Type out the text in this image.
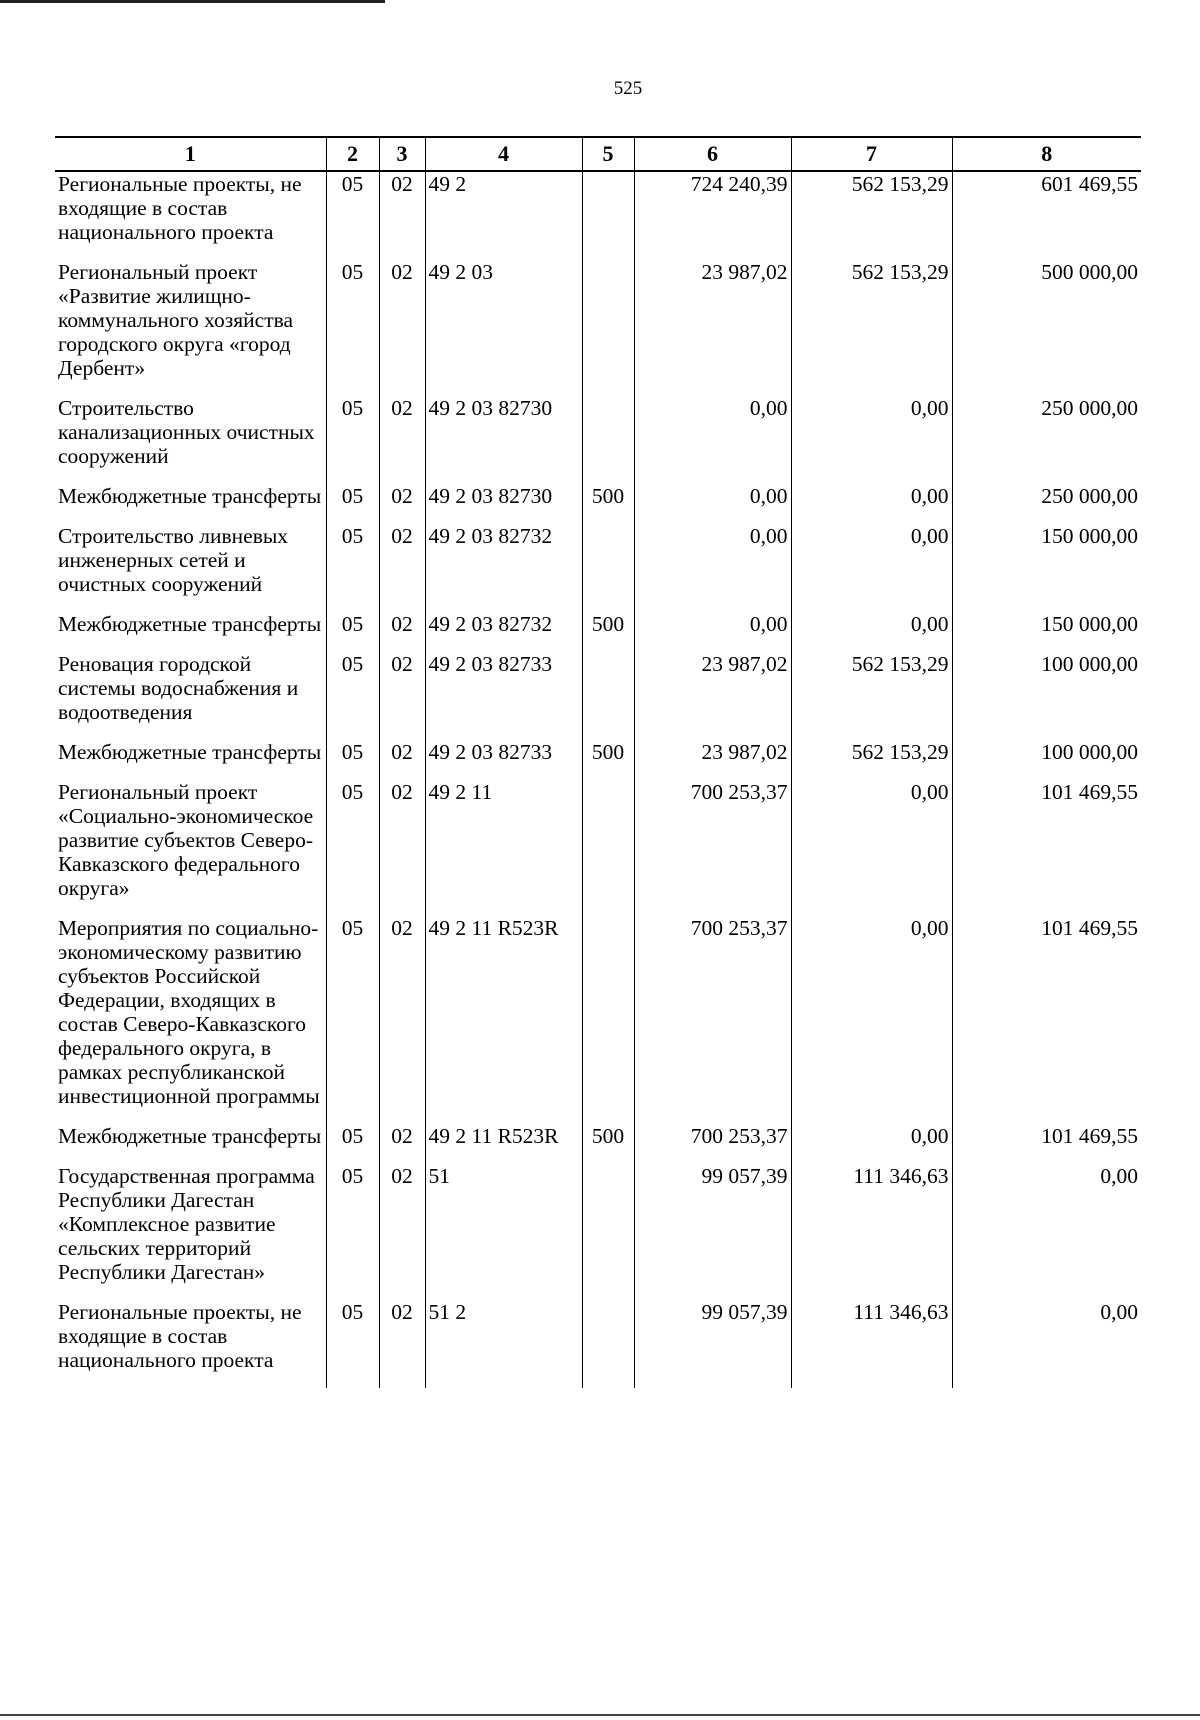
525
1	2	3	4	5	6	7	8
Региональные проекты, не входящие в состав национального проекта	05	02	49 2		724 240,39	562 153,29	601 469,55
Региональный проект «Развитие жилищно-коммунального хозяйства городского округа «город Дербент»	05	02	49 2 03		23 987,02	562 153,29	500 000,00
Строительство канализационных очистных сооружений	05	02	49 2 03 82730		0,00	0,00	250 000,00
Межбюджетные трансферты	05	02	49 2 03 82730	500	0,00	0,00	250 000,00
Строительство ливневых инженерных сетей и очистных сооружений	05	02	49 2 03 82732		0,00	0,00	150 000,00
Межбюджетные трансферты	05	02	49 2 03 82732	500	0,00	0,00	150 000,00
Реновация городской системы водоснабжения и водоотведения	05	02	49 2 03 82733		23 987,02	562 153,29	100 000,00
Межбюджетные трансферты	05	02	49 2 03 82733	500	23 987,02	562 153,29	100 000,00
Региональный проект «Социально-экономическое развитие субъектов Северо-Кавказского федерального округа»	05	02	49 2 11		700 253,37	0,00	101 469,55
Мероприятия по социально-экономическому развитию субъектов Российской Федерации, входящих в состав Северо-Кавказского федерального округа, в рамках республиканской инвестиционной программы	05	02	49 2 11 R523R		700 253,37	0,00	101 469,55
Межбюджетные трансферты	05	02	49 2 11 R523R	500	700 253,37	0,00	101 469,55
Государственная программа Республики Дагестан «Комплексное развитие сельских территорий Республики Дагестан»	05	02	51		99 057,39	111 346,63	0,00
Региональные проекты, не входящие в состав национального проекта	05	02	51 2		99 057,39	111 346,63	0,00
